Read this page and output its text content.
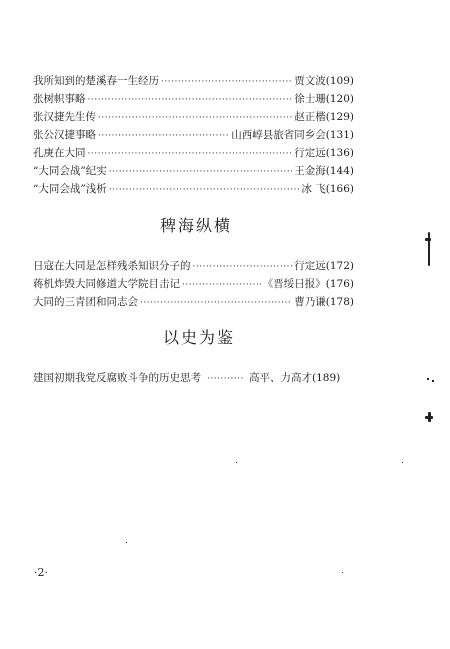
我所知到的楚溪春一生经历 ·····	贾文波 (109)
张树帜事略 ·····	徐士珊 (120)
张汉捷先生传 ·····	赵正楷 (129)
张公汉捷事略 ·····	山西崞县旅省同乡会 (131)
孔庚在大同 ·····	行定远 (136)
“大同会战”纪实 ·····	王金海 (144)
“大同会战”浅析 ·····	冰 飞 (166)
稗海纵横
日寇在大同是怎样残杀知识分子的 ·····	行定远 (172)
蒋机炸毁大同修道大学院目击记 ·····	《晋绥日报》 (176)
大同的三青团和同志会 ·····	曹乃谦 (178)
以史为鉴
建国初期我党反腐败斗争的历史思考 ·····	高平、力高才 (189)
·2·
